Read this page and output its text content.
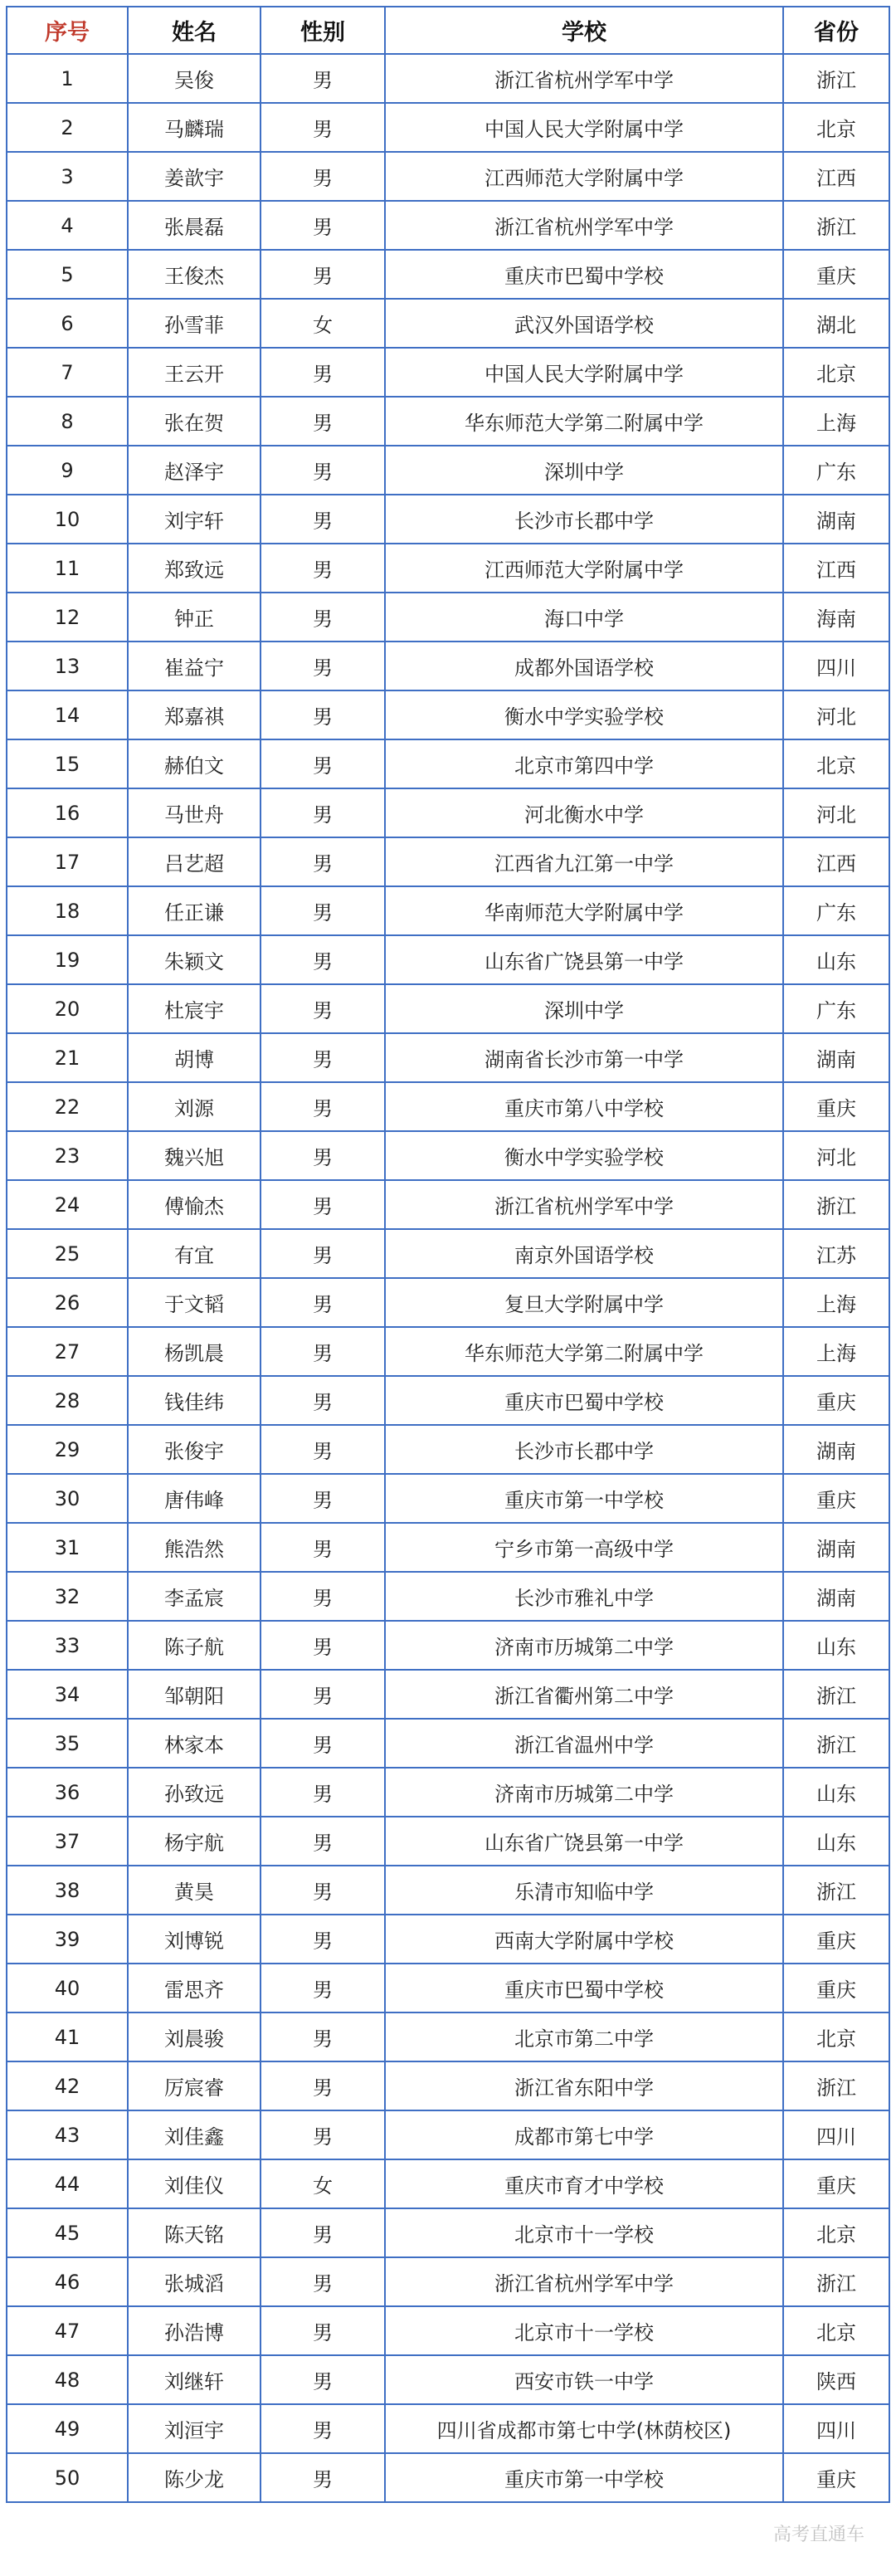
序号	姓名	性别	学校	省份
1	吴俊	男	浙江省杭州学军中学	浙江
2	马麟瑞	男	中国人民大学附属中学	北京
3	姜歆宇	男	江西师范大学附属中学	江西
4	张晨磊	男	浙江省杭州学军中学	浙江
5	王俊杰	男	重庆市巴蜀中学校	重庆
6	孙雪菲	女	武汉外国语学校	湖北
7	王云开	男	中国人民大学附属中学	北京
8	张在贺	男	华东师范大学第二附属中学	上海
9	赵泽宇	男	深圳中学	广东
10	刘宇轩	男	长沙市长郡中学	湖南
11	郑致远	男	江西师范大学附属中学	江西
12	钟正	男	海口中学	海南
13	崔益宁	男	成都外国语学校	四川
14	郑嘉祺	男	衡水中学实验学校	河北
15	赫伯文	男	北京市第四中学	北京
16	马世舟	男	河北衡水中学	河北
17	吕艺超	男	江西省九江第一中学	江西
18	任正谦	男	华南师范大学附属中学	广东
19	朱颖文	男	山东省广饶县第一中学	山东
20	杜宸宇	男	深圳中学	广东
21	胡博	男	湖南省长沙市第一中学	湖南
22	刘源	男	重庆市第八中学校	重庆
23	魏兴旭	男	衡水中学实验学校	河北
24	傅愉杰	男	浙江省杭州学军中学	浙江
25	有宜	男	南京外国语学校	江苏
26	于文韬	男	复旦大学附属中学	上海
27	杨凯晨	男	华东师范大学第二附属中学	上海
28	钱佳纬	男	重庆市巴蜀中学校	重庆
29	张俊宇	男	长沙市长郡中学	湖南
30	唐伟峰	男	重庆市第一中学校	重庆
31	熊浩然	男	宁乡市第一高级中学	湖南
32	李孟宸	男	长沙市雅礼中学	湖南
33	陈子航	男	济南市历城第二中学	山东
34	邹朝阳	男	浙江省衢州第二中学	浙江
35	林家本	男	浙江省温州中学	浙江
36	孙致远	男	济南市历城第二中学	山东
37	杨宇航	男	山东省广饶县第一中学	山东
38	黄昊	男	乐清市知临中学	浙江
39	刘博锐	男	西南大学附属中学校	重庆
40	雷思齐	男	重庆市巴蜀中学校	重庆
41	刘晨骏	男	北京市第二中学	北京
42	厉宸睿	男	浙江省东阳中学	浙江
43	刘佳鑫	男	成都市第七中学	四川
44	刘佳仪	女	重庆市育才中学校	重庆
45	陈天铭	男	北京市十一学校	北京
46	张城滔	男	浙江省杭州学军中学	浙江
47	孙浩博	男	北京市十一学校	北京
48	刘继轩	男	西安市铁一中学	陕西
49	刘洹宇	男	四川省成都市第七中学(林荫校区)	四川
50	陈少龙	男	重庆市第一中学校	重庆
高考直通车
